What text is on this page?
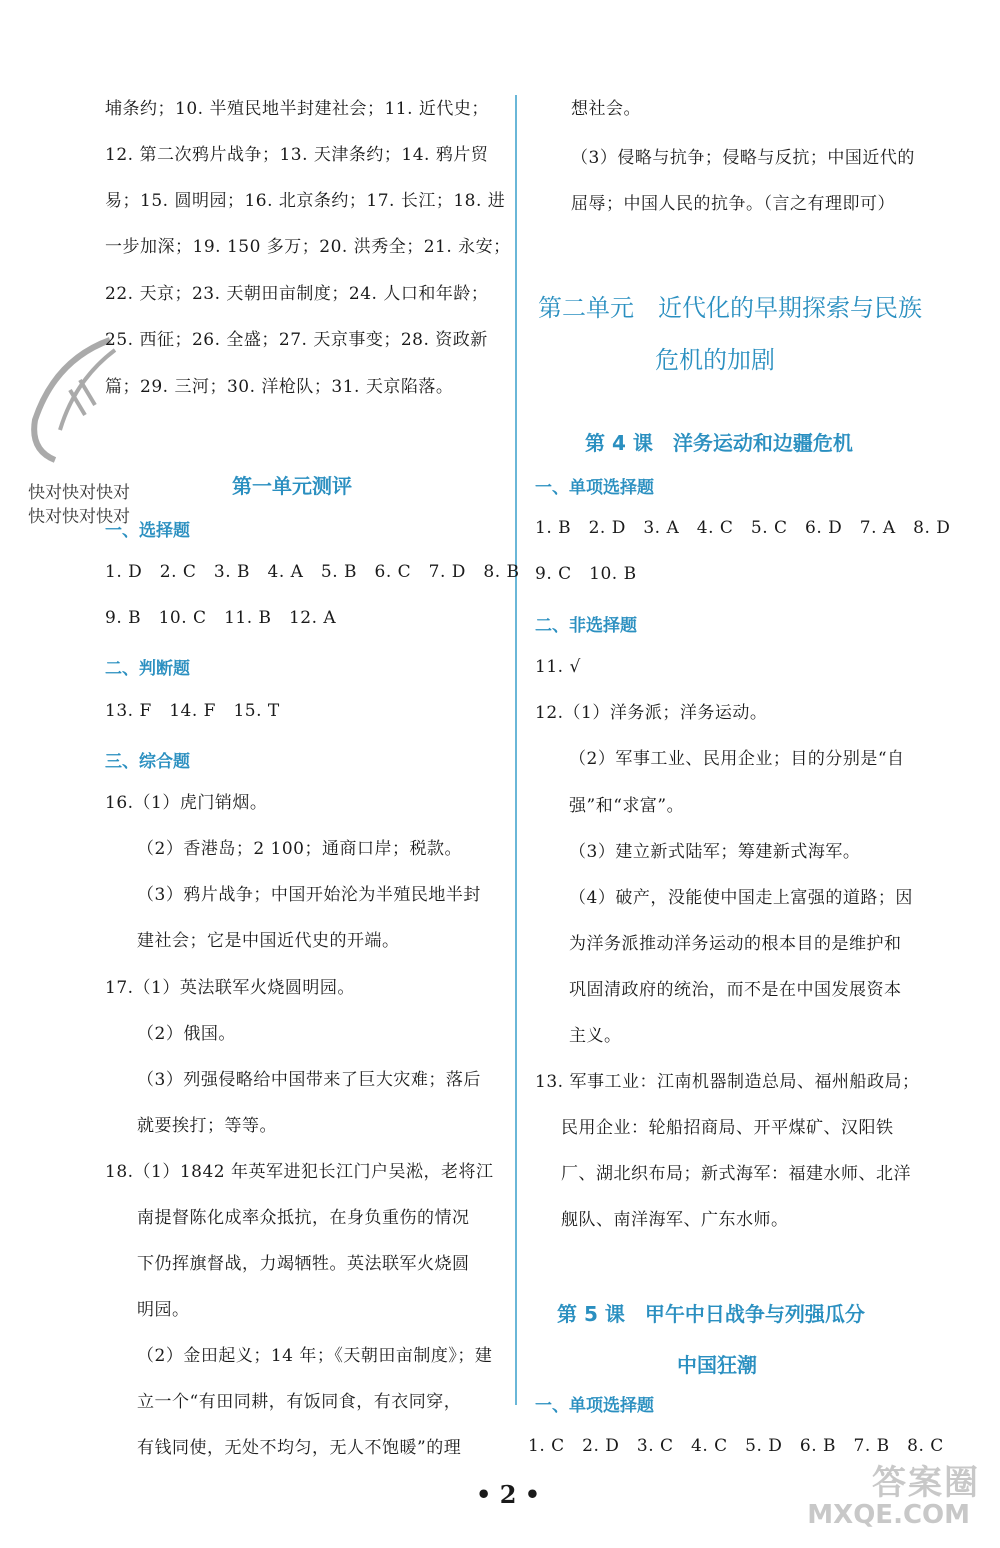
快对快对快对
快对快对快对
埔条约；10. 半殖民地半封建社会；11. 近代史；
12. 第二次鸦片战争；13. 天津条约；14. 鸦片贸
易；15. 圆明园；16. 北京条约；17. 长江；18. 进
一步加深；19. 150 多万；20. 洪秀全；21. 永安；
22. 天京；23. 天朝田亩制度；24. 人口和年龄；
25. 西征；26. 全盛；27. 天京事变；28. 资政新
篇；29. 三河；30. 洋枪队；31. 天京陷落。
第一单元测评
一、选择题
1. D　2. C　3. B　4. A　5. B　6. C　7. D　8. B
9. B　10. C　11. B　12. A
二、判断题
13. F　14. F　15. T
三、综合题
16.（1）虎门销烟。
（2）香港岛；2 100；通商口岸；税款。
（3）鸦片战争；中国开始沦为半殖民地半封
建社会；它是中国近代史的开端。
17.（1）英法联军火烧圆明园。
（2）俄国。
（3）列强侵略给中国带来了巨大灾难；落后
就要挨打；等等。
18.（1）1842 年英军进犯长江门户吴淞，老将江
南提督陈化成率众抵抗，在身负重伤的情况
下仍挥旗督战，力竭牺牲。英法联军火烧圆
明园。
（2）金田起义；14 年；《天朝田亩制度》；建
立一个“有田同耕，有饭同食，有衣同穿，
有钱同使，无处不均匀，无人不饱暖”的理
想社会。
（3）侵略与抗争；侵略与反抗；中国近代的
屈辱；中国人民的抗争。（言之有理即可）
第二单元　近代化的早期探索与民族
危机的加剧
第 4 课　洋务运动和边疆危机
一、单项选择题
1. B　2. D　3. A　4. C　5. C　6. D　7. A　8. D
9. C　10. B
二、非选择题
11. √
12.（1）洋务派；洋务运动。
（2）军事工业、民用企业；目的分别是“自
强”和“求富”。
（3）建立新式陆军；筹建新式海军。
（4）破产，没能使中国走上富强的道路；因
为洋务派推动洋务运动的根本目的是维护和
巩固清政府的统治，而不是在中国发展资本
主义。
13. 军事工业：江南机器制造总局、福州船政局；
民用企业：轮船招商局、开平煤矿、汉阳铁
厂、湖北织布局；新式海军：福建水师、北洋
舰队、南洋海军、广东水师。
第 5 课　甲午中日战争与列强瓜分
中国狂潮
一、单项选择题
1. C　2. D　3. C　4. C　5. D　6. B　7. B　8. C
• 2 •	答案圈
MXQE.COM
